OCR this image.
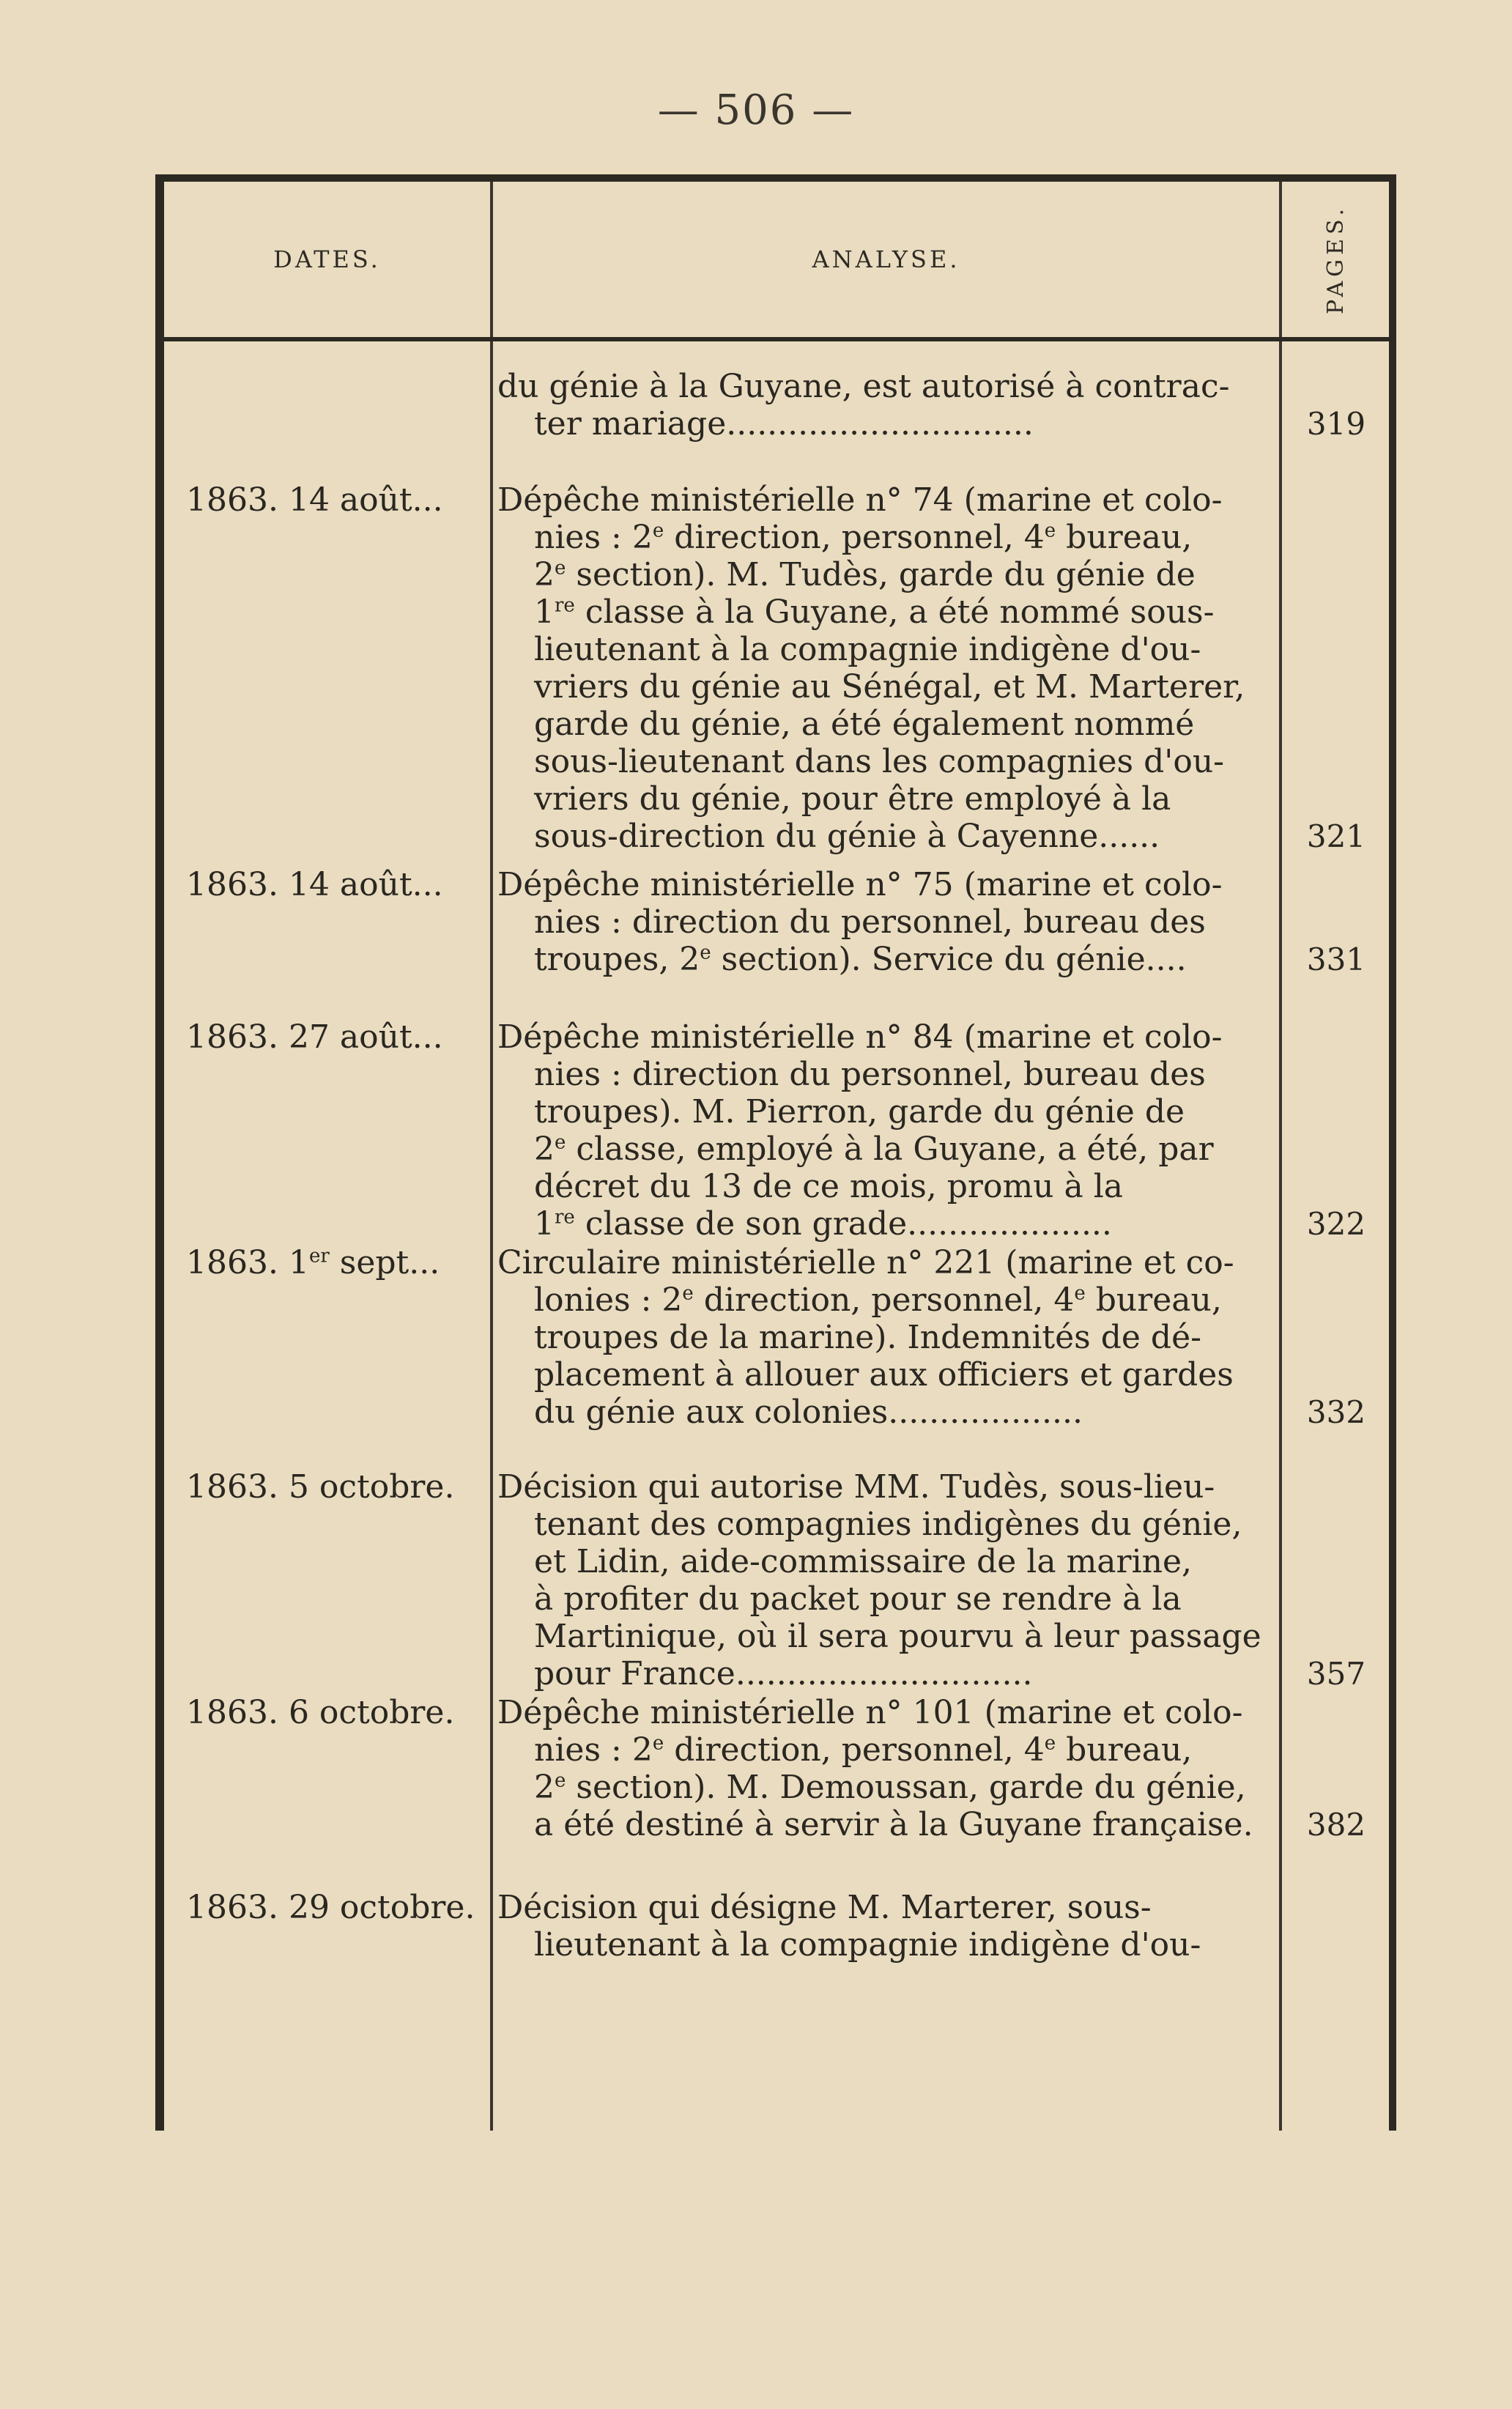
— 506 —
DATES.	ANALYSE.	PAGES.
du génie à la Guyane, est autorisé à contrac-
ter mariage..............................	319
1863. 14 août...	Dépêche ministérielle n° 74 (marine et colo-
nies : 2e direction, personnel, 4e bureau,
2e section). M. Tudès, garde du génie de
1re classe à la Guyane, a été nommé sous-
lieutenant à la compagnie indigène d'ou-
vriers du génie au Sénégal, et M. Marterer,
garde du génie, a été également nommé
sous-lieutenant dans les compagnies d'ou-
vriers du génie, pour être employé à la
sous-direction du génie à Cayenne......	321
1863. 14 août...	Dépêche ministérielle n° 75 (marine et colo-
nies : direction du personnel, bureau des
troupes, 2e section). Service du génie....	331
1863. 27 août...	Dépêche ministérielle n° 84 (marine et colo-
nies : direction du personnel, bureau des
troupes). M. Pierron, garde du génie de
2e classe, employé à la Guyane, a été, par
décret du 13 de ce mois, promu à la
1re classe de son grade....................	322
1863. 1er sept...	Circulaire ministérielle n° 221 (marine et co-
lonies : 2e direction, personnel, 4e bureau,
troupes de la marine). Indemnités de dé-
placement à allouer aux officiers et gardes
du génie aux colonies...................	332
1863. 5 octobre.	Décision qui autorise MM. Tudès, sous-lieu-
tenant des compagnies indigènes du génie,
et Lidin, aide-commissaire de la marine,
à profiter du packet pour se rendre à la
Martinique, où il sera pourvu à leur passage
pour France.............................	357
1863. 6 octobre.	Dépêche ministérielle n° 101 (marine et colo-
nies : 2e direction, personnel, 4e bureau,
2e section). M. Demoussan, garde du génie,
a été destiné à servir à la Guyane française.	382
1863. 29 octobre. Décision qui désigne M. Marterer, sous-
lieutenant à la compagnie indigène d'ou-
